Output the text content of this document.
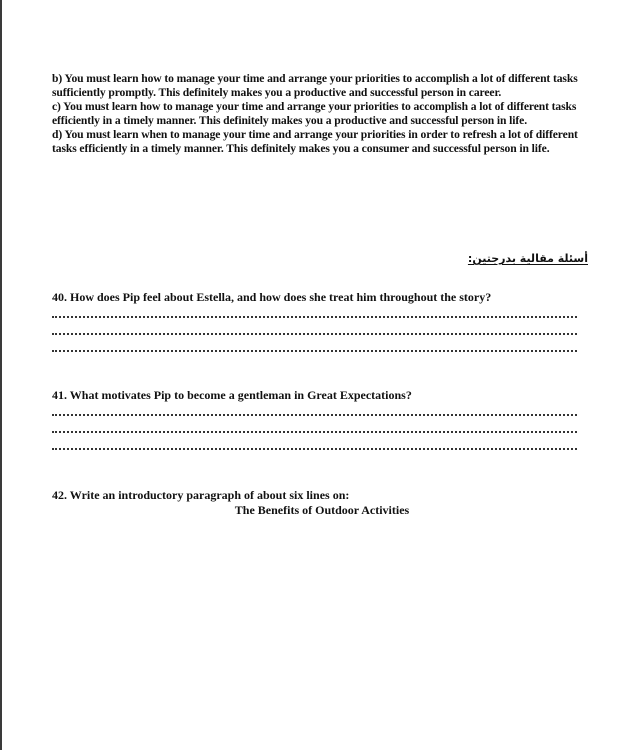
b) You must learn how to manage your time and arrange your priorities to accomplish a lot of different tasks sufficiently promptly. This definitely makes you a productive and successful person in career.

c) You must learn how to manage your time and arrange your priorities to accomplish a lot of different tasks efficiently in a timely manner. This definitely makes you a productive and successful person in life.

d) You must learn when to manage your time and arrange your priorities in order to refresh a lot of different tasks efficiently in a timely manner. This definitely makes you a consumer and successful person in life.

أسئلة مقالية بدرجتين:

40. How does Pip feel about Estella, and how does she treat him throughout the story?

41. What motivates Pip to become a gentleman in Great Expectations?

42. Write an introductory paragraph of about six lines on:

The Benefits of Outdoor Activities
